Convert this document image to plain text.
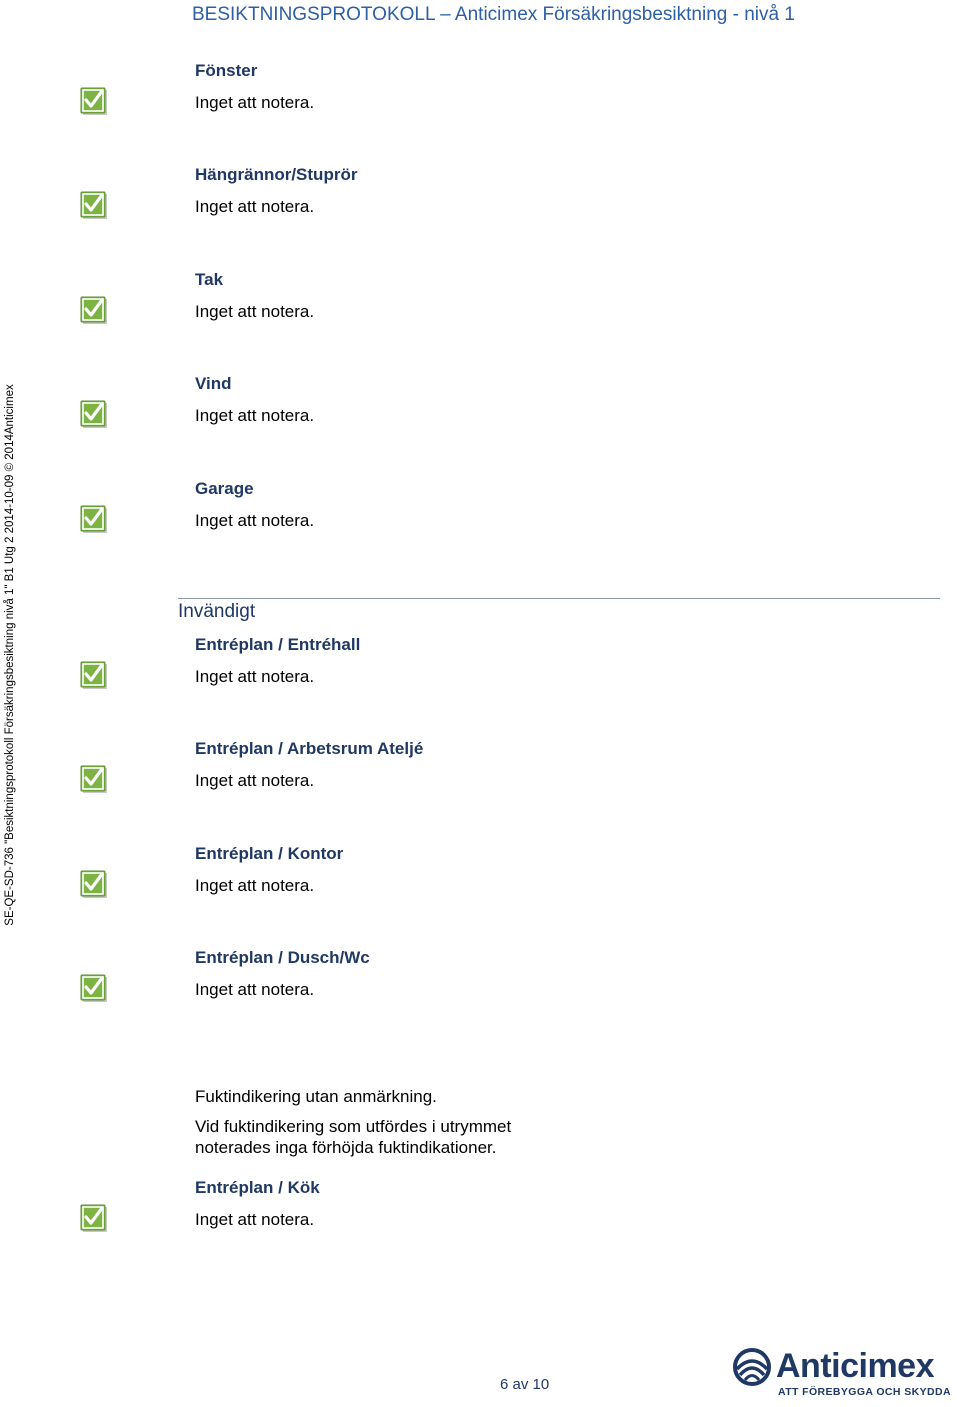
BESIKTNINGSPROTOKOLL – Anticimex Försäkringsbesiktning - nivå 1
SE-QE-SD-736 "Besiktningsprotokoll Försäkringsbesiktning nivå 1" B1 Utg 2 2014-10-09 © 2014Anticimex
Fönster
Inget att notera.
Hängrännor/Stuprör
Inget att notera.
Tak
Inget att notera.
Vind
Inget att notera.
Garage
Inget att notera.
Invändigt
Entréplan / Entréhall
Inget att notera.
Entréplan / Arbetsrum Ateljé
Inget att notera.
Entréplan / Kontor
Inget att notera.
Entréplan / Dusch/Wc
Inget att notera.
Fuktindikering utan anmärkning.
Vid fuktindikering som utfördes i utrymmet
noterades inga förhöjda fuktindikationer.
Entréplan / Kök
Inget att notera.
6 av 10	Anticimex
ATT FÖREBYGGA OCH SKYDDA
